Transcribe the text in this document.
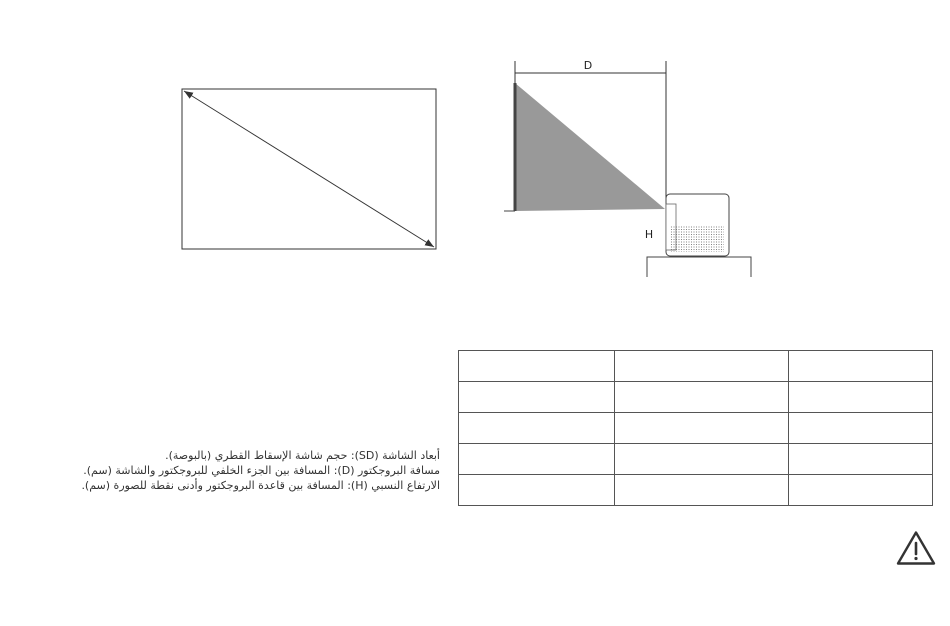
D
H

أبعاد الشاشة (SD): حجم شاشة الإسقاط القطري (بالبوصة).

مسافة البروجكتور (D): المسافة بين الجزء الخلفي للبروجكتور والشاشة (سم).

الارتفاع النسبي (H): المسافة بين قاعدة البروجكتور وأدنى نقطة للصورة (سم).
